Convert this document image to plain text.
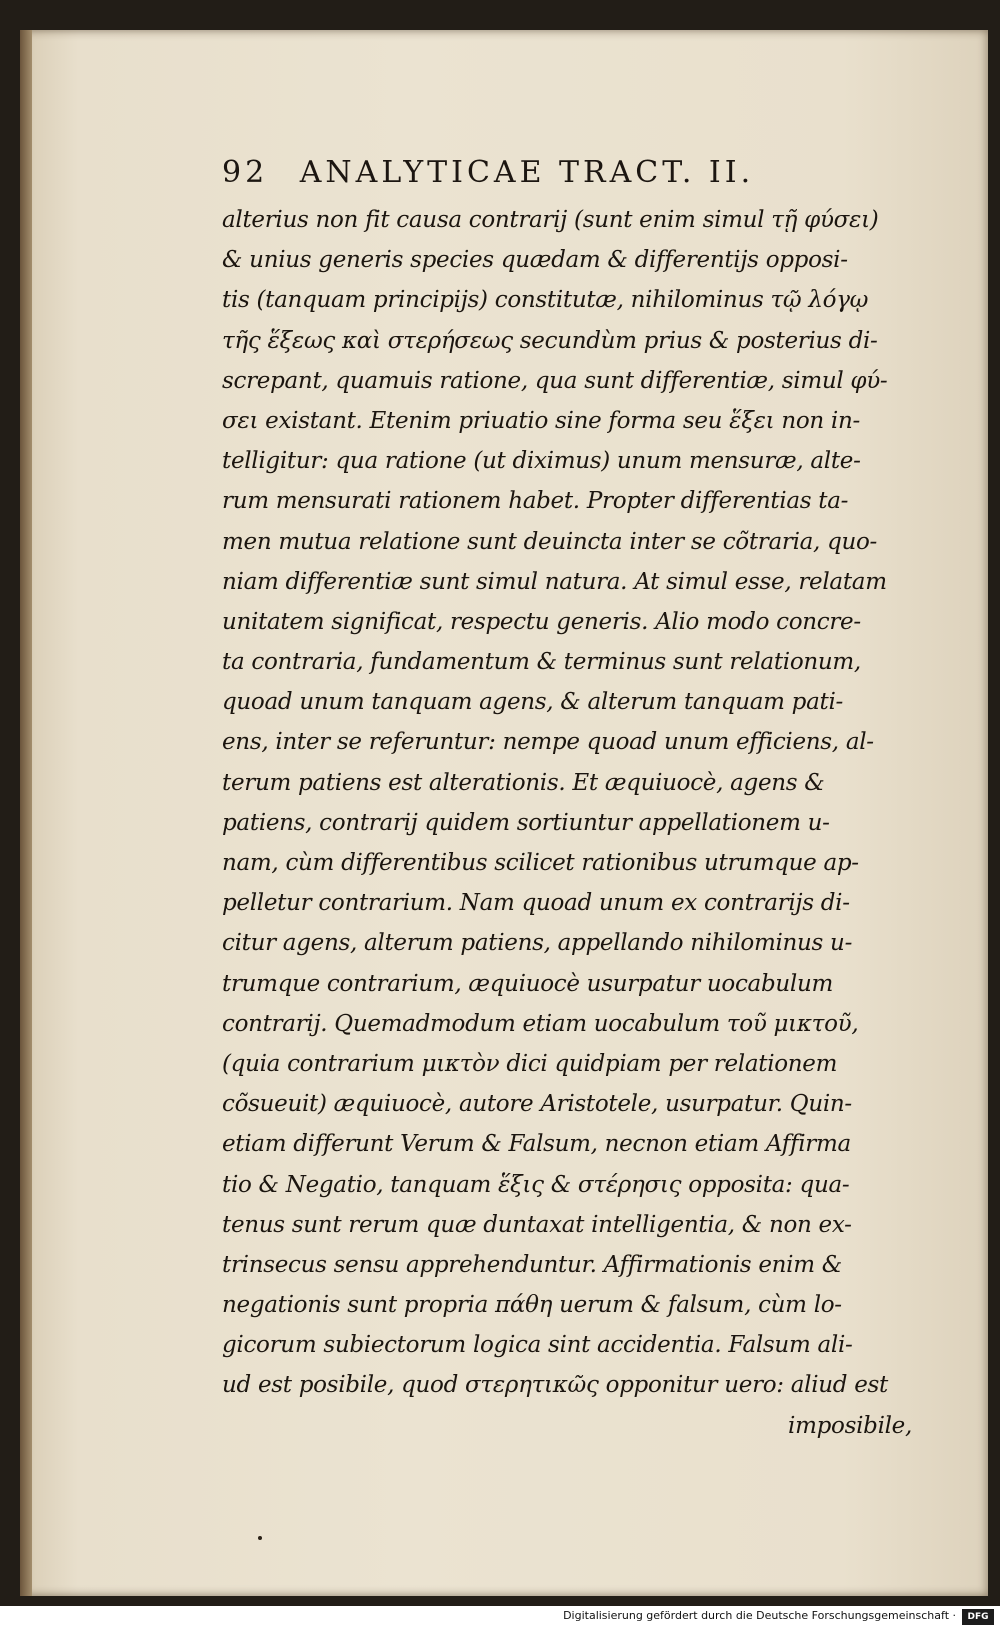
92 ANALYTICAE TRACT. II.
alterius non fit causa contrarij (sunt enim simul τῇ φύσει)
& unius generis species quædam & differentijs opposi-
tis (tanquam principijs) constitutæ, nihilominus τῷ λόγῳ
τῆς ἕξεως καὶ στερήσεως secundùm prius & posterius di-
screpant, quamuis ratione, qua sunt differentiæ, simul φύ-
σει existant. Etenim priuatio sine forma seu ἕξει non in-
telligitur: qua ratione (ut diximus) unum mensuræ, alte-
rum mensurati rationem habet. Propter differentias ta-
men mutua relatione sunt deuincta inter se cõtraria, quo-
niam differentiæ sunt simul natura. At simul esse, relatam
unitatem significat, respectu generis. Alio modo concre-
ta contraria, fundamentum & terminus sunt relationum,
quoad unum tanquam agens, & alterum tanquam pati-
ens, inter se referuntur: nempe quoad unum efficiens, al-
terum patiens est alterationis. Et æquiuocè, agens &
patiens, contrarij quidem sortiuntur appellationem u-
nam, cùm differentibus scilicet rationibus utrumque ap-
pelletur contrarium. Nam quoad unum ex contrarijs di-
citur agens, alterum patiens, appellando nihilominus u-
trumque contrarium, æquiuocè usurpatur uocabulum
contrarij. Quemadmodum etiam uocabulum τοῦ μικτοῦ,
(quia contrarium μικτὸν dici quidpiam per relationem
cõsueuit) æquiuocè, autore Aristotele, usurpatur. Quin-
etiam differunt Verum & Falsum, necnon etiam Affirma
tio & Negatio, tanquam ἕξις & στέρησις opposita: qua-
tenus sunt rerum quæ duntaxat intelligentia, & non ex-
trinsecus sensu apprehenduntur. Affirmationis enim &
negationis sunt propria πάθη uerum & falsum, cùm lo-
gicorum subiectorum logica sint accidentia. Falsum ali-
ud est posibile, quod στερητικῶς opponitur uero: aliud est
imposibile,
Digitalisierung gefördert durch die Deutsche Forschungsgemeinschaft ·	DFG
